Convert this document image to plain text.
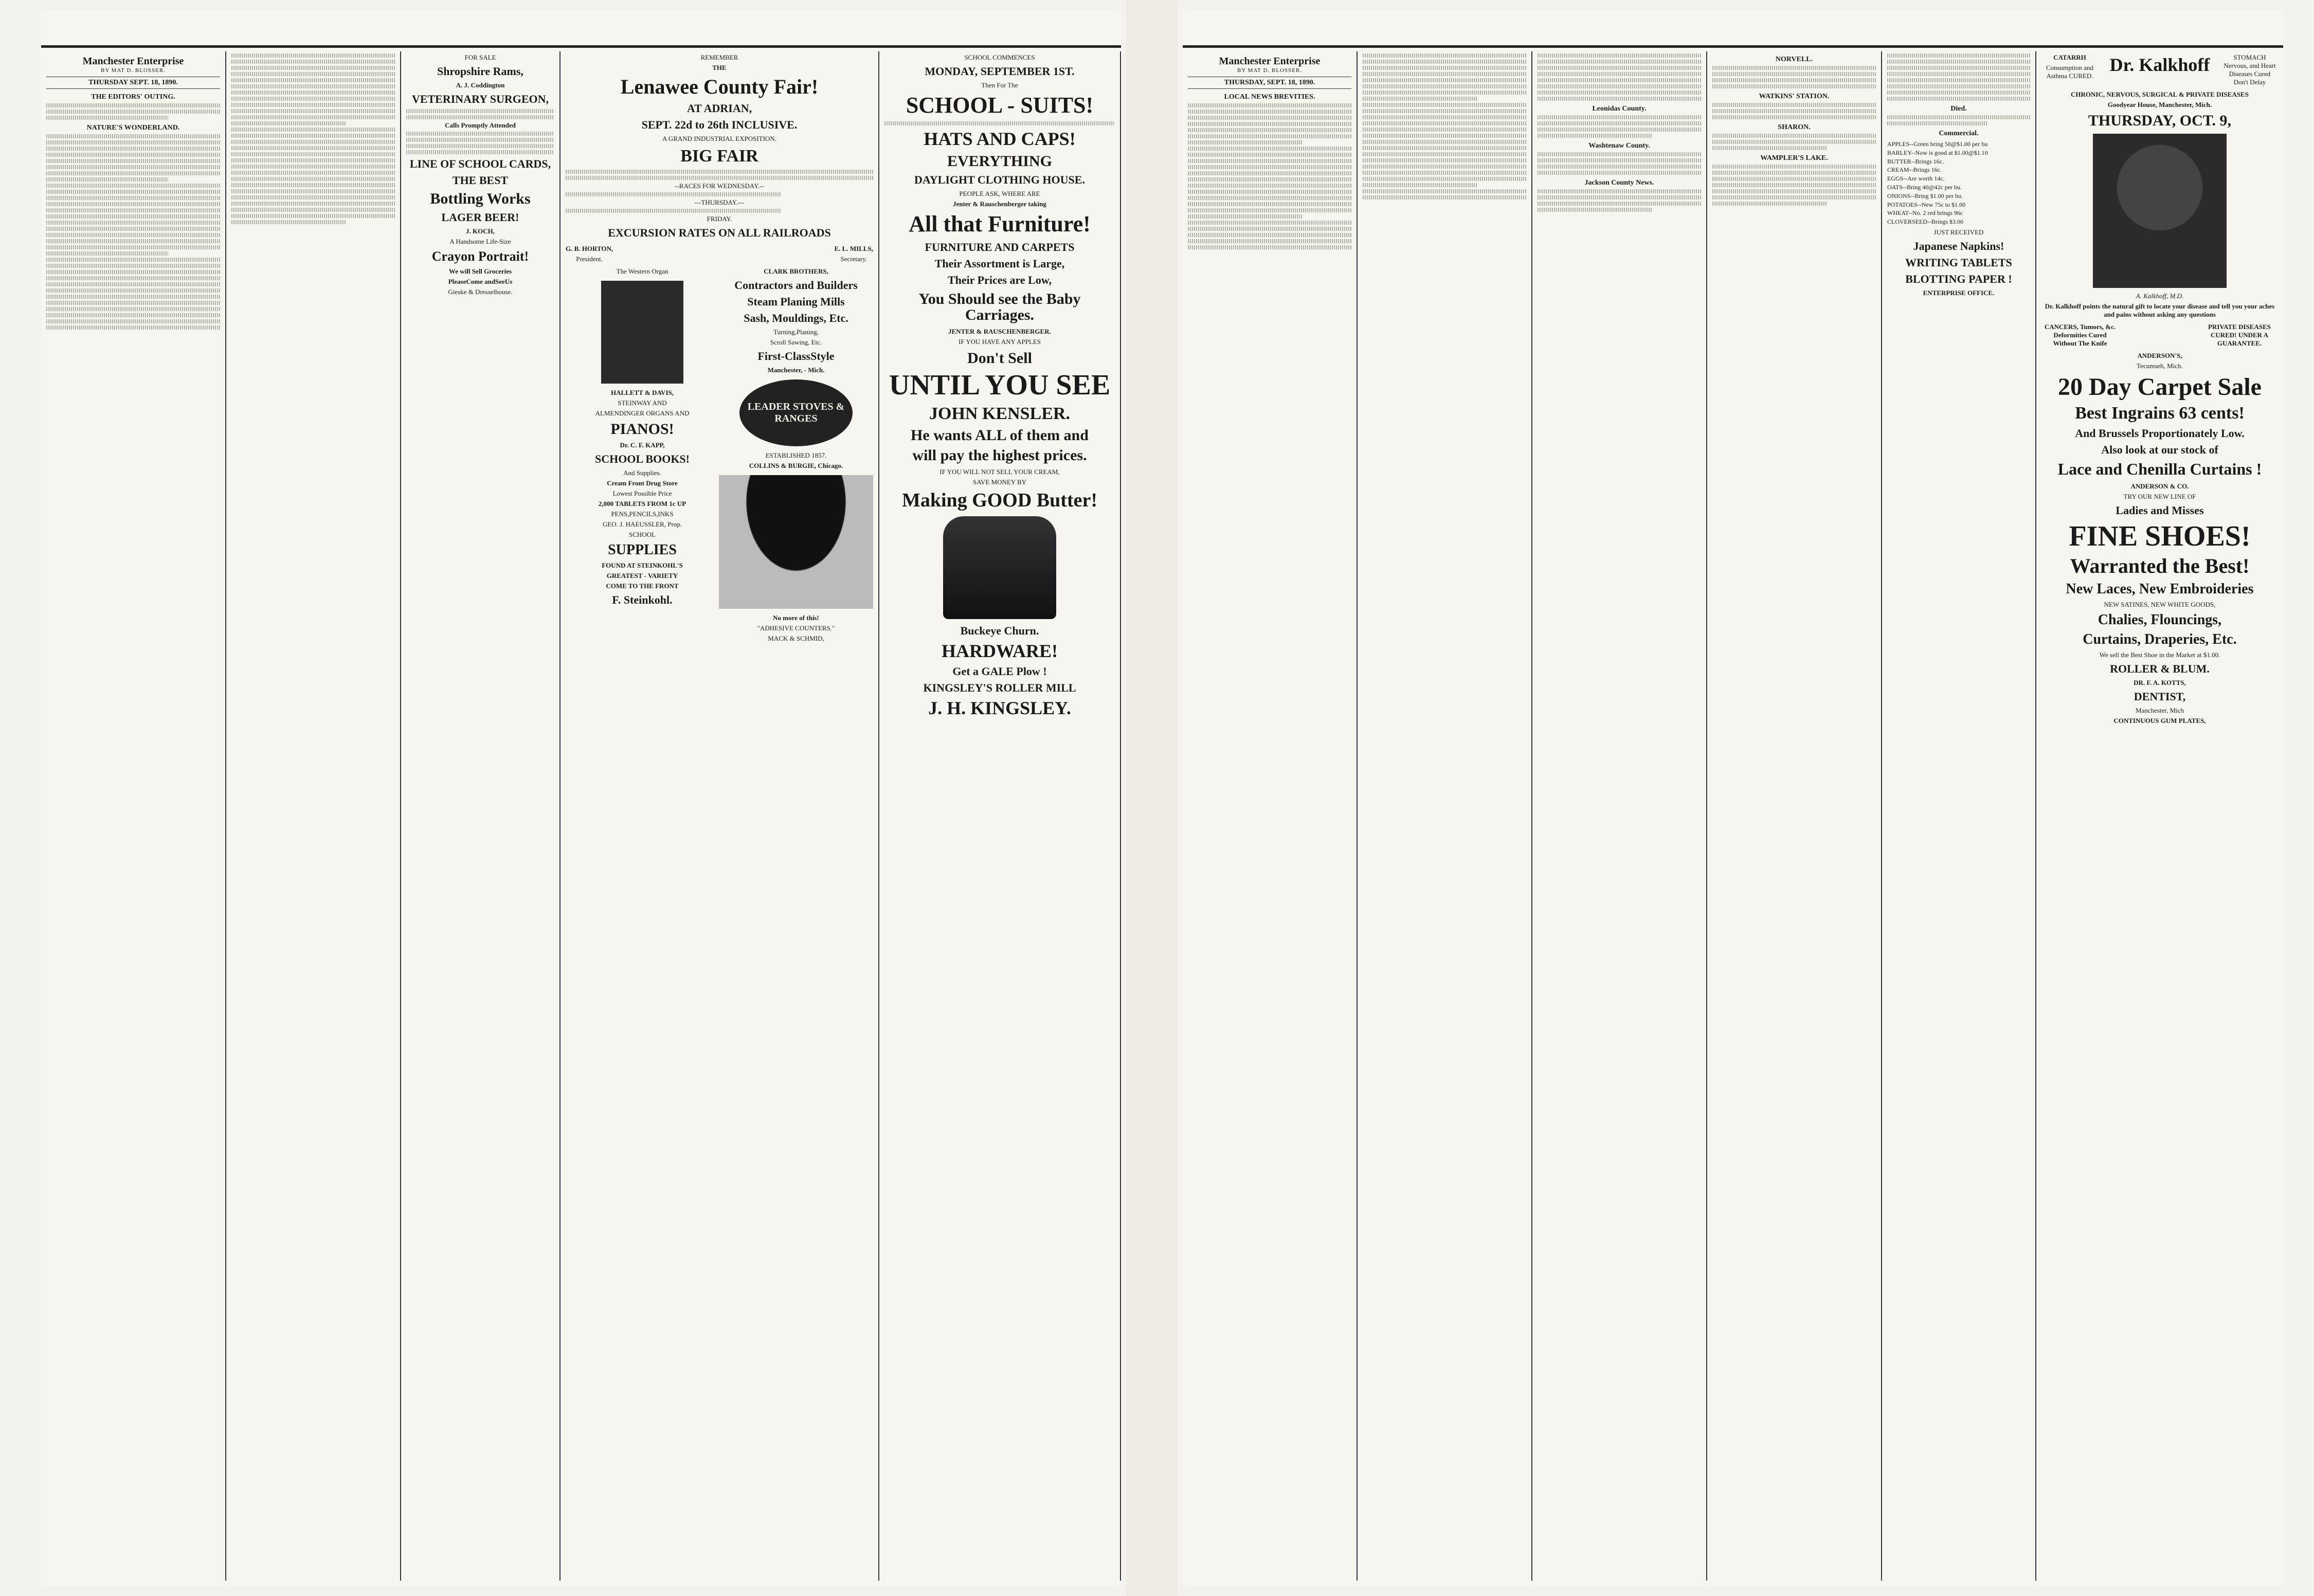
Manchester Enterprise
BY MAT D. BLOSSER.
THURSDAY SEPT. 18, 1890.
THE EDITORS' OUTING.
NATURE'S WONDERLAND.
FOR SALE
Shropshire Rams,
A. J. Coddington
VETERINARY SURGEON,
Calls Promptly Attended
LINE OF SCHOOL CARDS,
THE BEST
Bottling Works
LAGER BEER!
J. KOCH,
A Handsome Life-Size
Crayon Portrait!
We will Sell Groceries
PleaseCome andSeeUs
Gieske & Dresselhouse.
REMEMBER
THE
Lenawee County Fair!
AT ADRIAN,
SEPT. 22d to 26th INCLUSIVE.
A GRAND INDUSTRIAL EXPOSITION.
BIG FAIR
--RACES FOR WEDNESDAY.--
---THURSDAY.---
FRIDAY.
EXCURSION RATES ON ALL RAILROADS
G. B. HORTON,
President.
E. L. MILLS,
Secretary.
The Western Organ
HALLETT & DAVIS,
STEINWAY AND
ALMENDINGER ORGANS AND
PIANOS!
Dr. C. F. KAPP,
SCHOOL BOOKS!
And Supplies.
Cream Front Drug Store
Lowest Possible Price
2,000 TABLETS FROM 1c UP
PENS,PENCILS,INKS
GEO. J. HAEUSSLER, Prop.
SCHOOL
SUPPLIES
FOUND AT STEINKOHL'S
GREATEST - VARIETY
COME TO THE FRONT
F. Steinkohl.
CLARK BROTHERS,
Contractors and Builders
Steam Planing Mills
Sash, Mouldings, Etc.
Turning,Planing,
Scroll Sawing, Etc.
First-ClassStyle
Manchester, - Mich.
LEADER STOVES & RANGES
ESTABLISHED 1857.
COLLINS & BURGIE, Chicago.
No more of this!
"ADHESIVE COUNTERS."
MACK & SCHMID,
SCHOOL COMMENCES
MONDAY, SEPTEMBER 1ST.
Then For The
SCHOOL - SUITS!
HATS AND CAPS!
EVERYTHING
DAYLIGHT CLOTHING HOUSE.
PEOPLE ASK, WHERE ARE
Jenter & Rauschenberger taking
All that Furniture!
FURNITURE AND CARPETS
Their Assortment is Large,
Their Prices are Low,
You Should see the Baby Carriages.
JENTER & RAUSCHENBERGER.
IF YOU HAVE ANY APPLES
Don't Sell
UNTIL YOU SEE
JOHN KENSLER.
He wants ALL of them and
will pay the highest prices.
IF YOU WILL NOT SELL YOUR CREAM,
SAVE MONEY BY
Making GOOD Butter!
Buckeye Churn.
HARDWARE!
Get a GALE Plow !
KINGSLEY'S ROLLER MILL
J. H. KINGSLEY.
Manchester Enterprise
BY MAT D. BLOSSER.
THURSDAY, SEPT. 18, 1890.
LOCAL NEWS BREVITIES.
Leonidas County.
Washtenaw County.
Jackson County News.
NORVELL.
WATKINS' STATION.
SHARON.
WAMPLER'S LAKE.
Died.
Commercial.
APPLES--Green bring 50@$1.00 per bu
BARLEY--Now is good at $1.00@$1.10
BUTTER--Brings 16c.
CREAM--Brings 16c.
EGGS--Are worth 14c.
OATS--Bring 40@42c per bu.
ONIONS--Bring $1.00 per bu.
POTATOES--New 75c to $1.00
WHEAT--No. 2 red brings 96c
CLOVERSEED--Brings $3.00
JUST RECEIVED
Japanese Napkins!
WRITING TABLETS
BLOTTING PAPER !
ENTERPRISE OFFICE.
CATARRH
Consumption and Asthma CURED.
Dr. Kalkhoff	STOMACH Nervous, and Heart Diseases Cured Don't Delay
CHRONIC, NERVOUS, SURGICAL & PRIVATE DISEASES
Goodyear House, Manchester, Mich.
THURSDAY, OCT. 9,
A. Kalkhoff, M.D.
Dr. Kalkhoff points the natural gift to locate your disease and tell you your aches and pains without asking any questions
CANCERS, Tumors, &c. Deformities Cured Without The Knife
PRIVATE DISEASES CURED! UNDER A GUARANTEE.
ANDERSON'S,
Tecumseh, Mich.
20 Day Carpet Sale
Best Ingrains 63 cents!
And Brussels Proportionately Low.
Also look at our stock of
Lace and Chenilla Curtains !
ANDERSON & CO.
TRY OUR NEW LINE OF
Ladies and Misses
FINE SHOES!
Warranted the Best!
New Laces, New Embroideries
NEW SATINES, NEW WHITE GOODS,
Chalies, Flouncings,
Curtains, Draperies, Etc.
We sell the Best Shoe in the Market at $1.00.
ROLLER & BLUM.
DR. F. A. KOTTS,
DENTIST,
Manchester, Mich
CONTINUOUS GUM PLATES,
